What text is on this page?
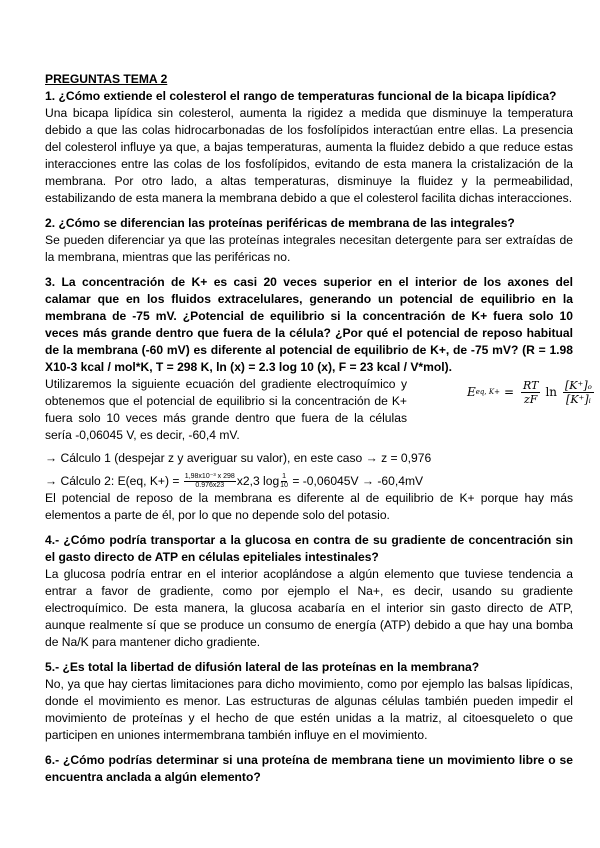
PREGUNTAS TEMA 2

1. ¿Cómo extiende el colesterol el rango de temperaturas funcional de la bicapa lipídica?

Una bicapa lipídica sin colesterol, aumenta la rigidez a medida que disminuye la temperatura debido a que las colas hidrocarbonadas de los fosfolípidos interactúan entre ellas. La presencia del colesterol influye ya que, a bajas temperaturas, aumenta la fluidez debido a que reduce estas interacciones entre las colas de los fosfolípidos, evitando de esta manera la cristalización de la membrana. Por otro lado, a altas temperaturas, disminuye la fluidez y la permeabilidad, estabilizando de esta manera la membrana debido a que el colesterol facilita dichas interacciones.

2. ¿Cómo se diferencian las proteínas periféricas de membrana de las integrales?

Se pueden diferenciar ya que las proteínas integrales necesitan detergente para ser extraídas de la membrana, mientras que las periféricas no.

3. La concentración de K+ es casi 20 veces superior en el interior de los axones del calamar que en los fluidos extracelulares, generando un potencial de equilibrio en la membrana de -75 mV. ¿Potencial de equilibrio si la concentración de K+ fuera solo 10 veces más grande dentro que fuera de la célula? ¿Por qué el potencial de reposo habitual de la membrana (-60 mV) es diferente al potencial de equilibrio de K+, de -75 mV? (R = 1.98 X10-3 kcal / mol*K, T = 298 K, ln (x) = 2.3 log 10 (x), F = 23 kcal / V*mol).

Utilizaremos la siguiente ecuación del gradiente electroquímico y obtenemos que el potencial de equilibrio si la concentración de K+ fuera solo 10 veces más grande dentro que fuera de la células sería -0,06045 V, es decir, -60,4 mV.

E eq, $K+ = \frac{RT}{zF}$ $\ln \frac{\text{[K⁺]ₒ}}{\text{[K⁺]ᵢ}}$

→ Cálculo 1 (despejar z y averiguar su valor), en este caso → z = 0,976

→ Cálculo 2: E(eq, $K+) = \frac{\text{1,98x10⁻³ x 298}}{0.976x23} x2,3$ $\log \frac{1}{10} = -0,06045V \to -60,4mV$

El potencial de reposo de la membrana es diferente al de equilibrio de K+ porque hay más elementos a parte de él, por lo que no depende solo del potasio.

4.- ¿Cómo podría transportar a la glucosa en contra de su gradiente de concentración sin el gasto directo de ATP en células epiteliales intestinales?

La glucosa podría entrar en el interior acoplándose a algún elemento que tuviese tendencia a entrar a favor de gradiente, como por ejemplo el Na+, es decir, usando su gradiente electroquímico. De esta manera, la glucosa acabaría en el interior sin gasto directo de ATP, aunque realmente sí que se produce un consumo de energía (ATP) debido a que hay una bomba de Na/K para mantener dicho gradiente.

5.- ¿Es total la libertad de difusión lateral de las proteínas en la membrana?

No, ya que hay ciertas limitaciones para dicho movimiento, como por ejemplo las balsas lipídicas, donde el movimiento es menor. Las estructuras de algunas células también pueden impedir el movimiento de proteínas y el hecho de que estén unidas a la matriz, al citoesqueleto o que participen en uniones intermembrana también influye en el movimiento.

6.- ¿Cómo podrías determinar si una proteína de membrana tiene un movimiento libre o se encuentra anclada a algún elemento?
